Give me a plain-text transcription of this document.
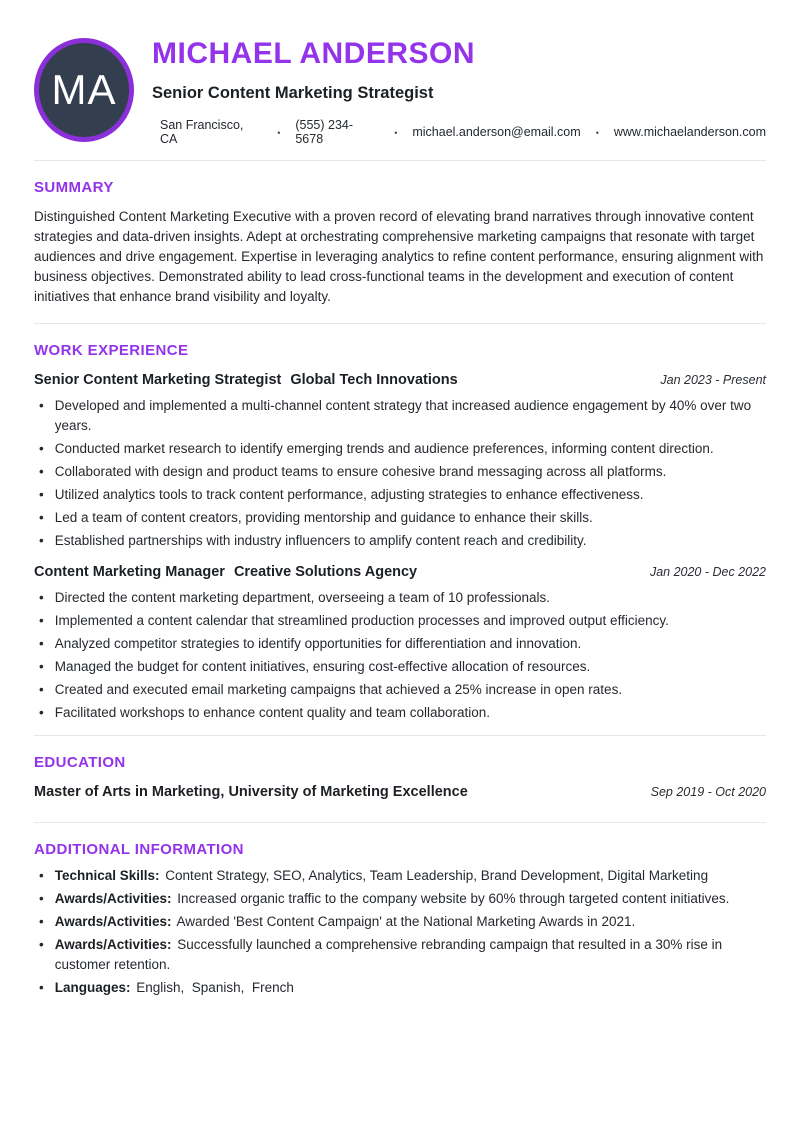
MA
MICHAEL ANDERSON
Senior Content Marketing Strategist
San Francisco, CA
•
(555) 234-5678 •	michael.anderson@email.com •	www.michaelanderson.com
SUMMARY

Distinguished Content Marketing Executive with a proven record of elevating brand narratives through innovative content strategies and data-driven insights. Adept at orchestrating comprehensive marketing campaigns that resonate with target audiences and drive engagement. Expertise in leveraging analytics to refine content performance, ensuring alignment with business objectives. Demonstrated ability to lead cross-functional teams in the development and execution of content initiatives that enhance brand visibility and loyalty.

WORK EXPERIENCE
Senior Content Marketing Strategist Global Tech Innovations	Jan 2023 - Present
• Developed and implemented a multi-channel content strategy that increased audience engagement by 40% over two years.
• Conducted market research to identify emerging trends and audience preferences, informing content direction.
• Collaborated with design and product teams to ensure cohesive brand messaging across all platforms.
• Utilized analytics tools to track content performance, adjusting strategies to enhance effectiveness.
• Led a team of content creators, providing mentorship and guidance to enhance their skills.
• Established partnerships with industry influencers to amplify content reach and credibility.
Content Marketing Manager Creative Solutions Agency	Jan 2020 - Dec 2022
• Directed the content marketing department, overseeing a team of 10 professionals.
• Implemented a content calendar that streamlined production processes and improved output efficiency.
• Analyzed competitor strategies to identify opportunities for differentiation and innovation.
• Managed the budget for content initiatives, ensuring cost-effective allocation of resources.
• Created and executed email marketing campaigns that achieved a 25% increase in open rates.
• Facilitated workshops to enhance content quality and team collaboration.
EDUCATION
Master of Arts in Marketing, University of Marketing Excellence	Sep 2019 - Oct 2020
ADDITIONAL INFORMATION
• Technical Skills: Content Strategy, SEO, Analytics, Team Leadership, Brand Development, Digital Marketing
• Awards/Activities: Increased organic traffic to the company website by 60% through targeted content initiatives.
• Awards/Activities: Awarded 'Best Content Campaign' at the National Marketing Awards in 2021.
• Awards/Activities: Successfully launched a comprehensive rebranding campaign that resulted in a 30% rise in customer retention.
• Languages: English,  Spanish,  French
